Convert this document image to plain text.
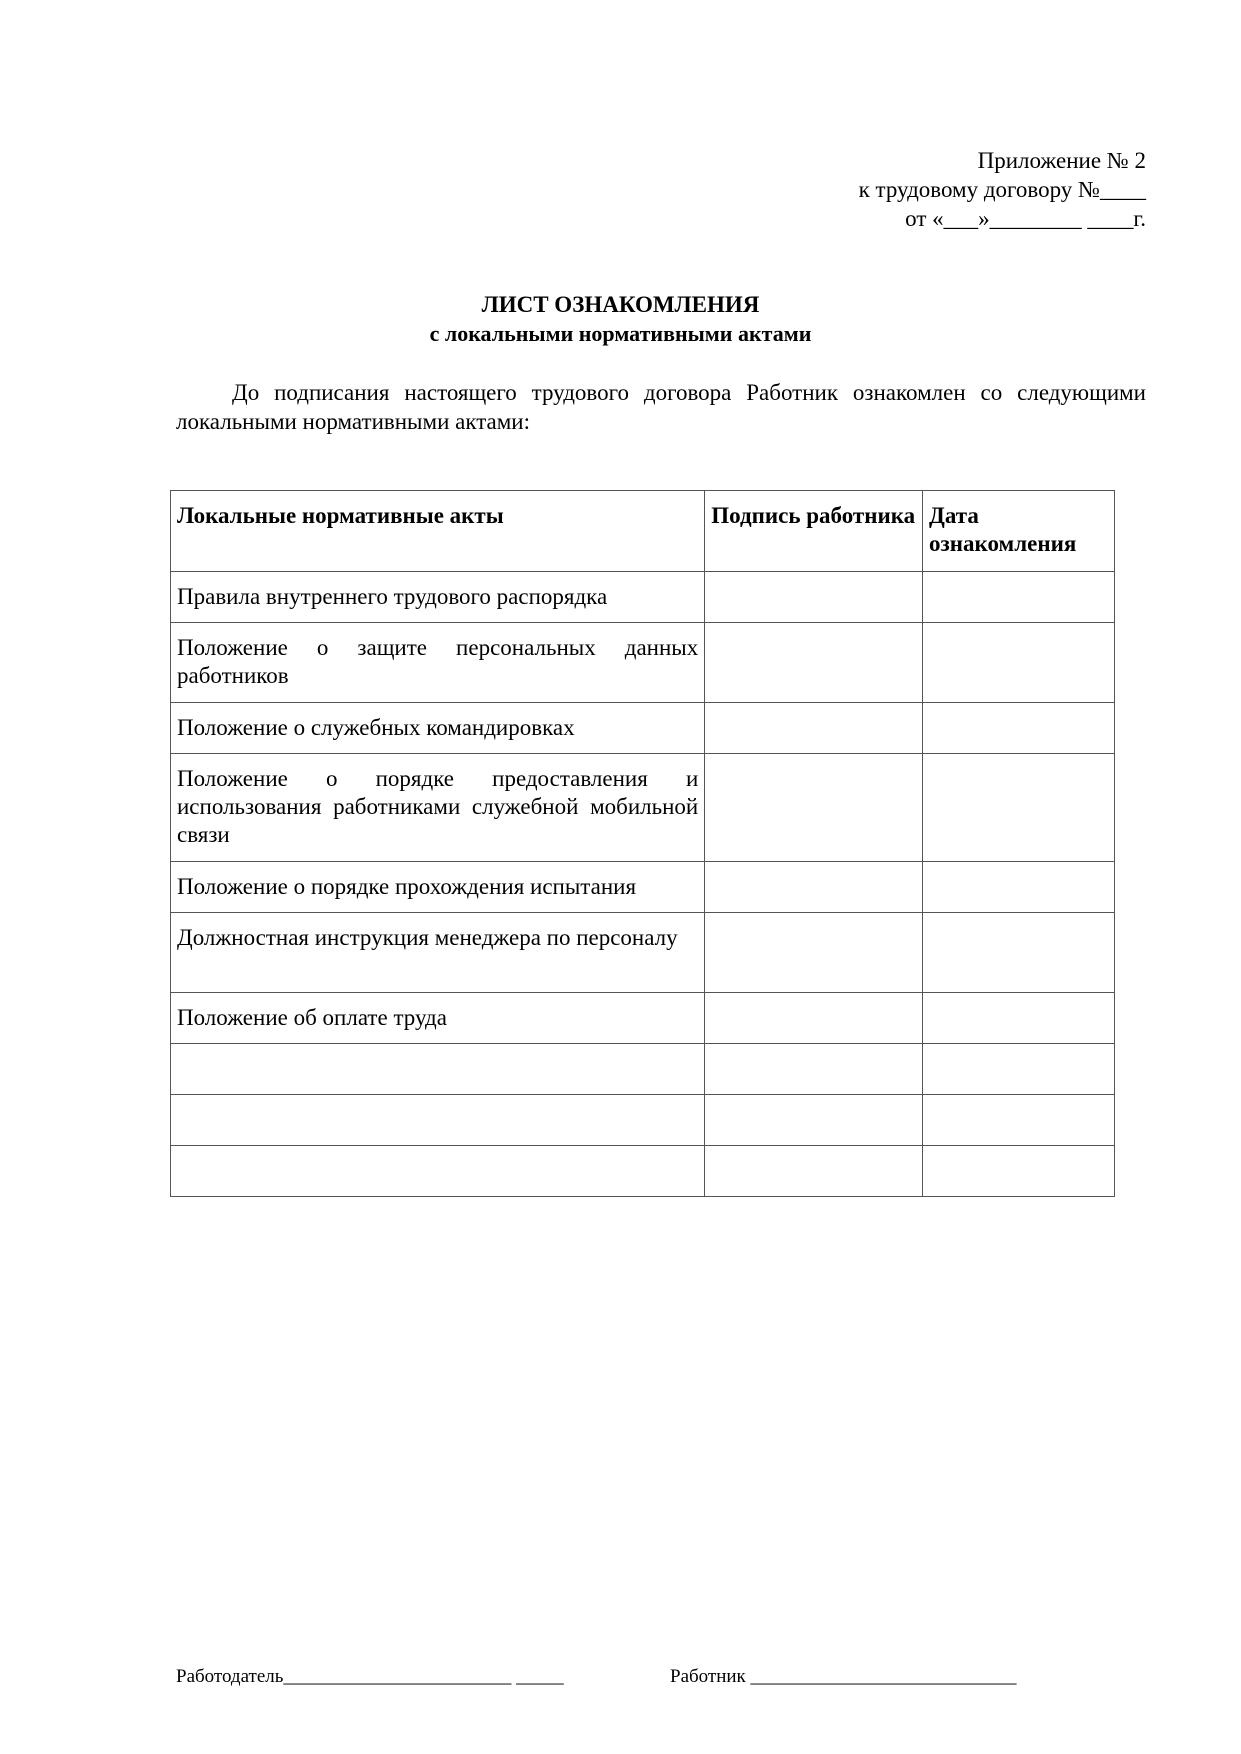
Приложение № 2
к трудовому договору №____
от «___»________ ____г.
ЛИСТ ОЗНАКОМЛЕНИЯ
с локальными нормативными актами
До подписания настоящего трудового договора Работник ознакомлен со следующими локальными нормативными актами:
Локальные нормативные акты	Подпись работника	Дата ознакомления
Правила внутреннего трудового распорядка		
Положение о защите персональных данных работников		
Положение о служебных командировках		
Положение о порядке предоставления и использования работниками служебной мобильной связи		
Положение о порядке прохождения испытания		
Должностная инструкция менеджера по персоналу		
Положение об оплате труда		

Работодатель________________________ _____	Работник ____________________________
